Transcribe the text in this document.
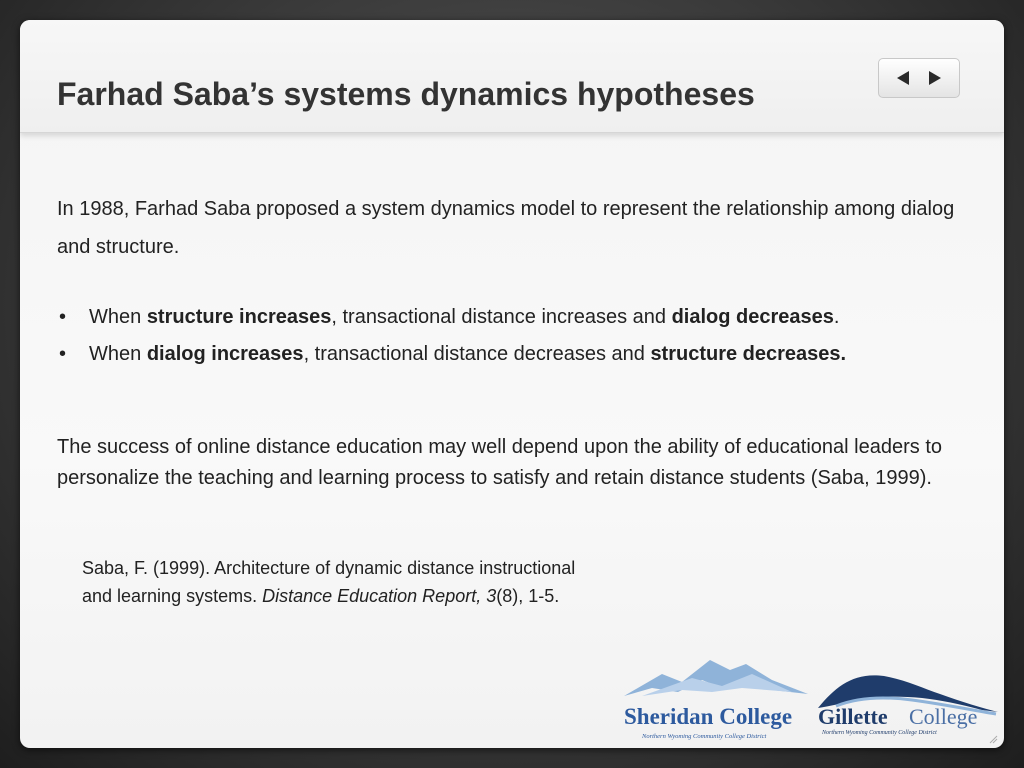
Farhad Saba’s systems dynamics hypotheses

In 1988, Farhad Saba proposed a system dynamics model to represent the relationship among dialog and structure.

• When structure increases, transactional distance increases and dialog decreases.
• When dialog increases, transactional distance decreases and structure decreases.

The success of online distance education may well depend upon the ability of educational leaders to personalize the teaching and learning process to satisfy and retain distance students (Saba, 1999).

Saba, F. (1999). Architecture of dynamic distance instructional
and learning systems. Distance Education Report, 3(8), 1-5.
Sheridan College
Northern Wyoming Community College District
Gillette College
Northern Wyoming Community College District
